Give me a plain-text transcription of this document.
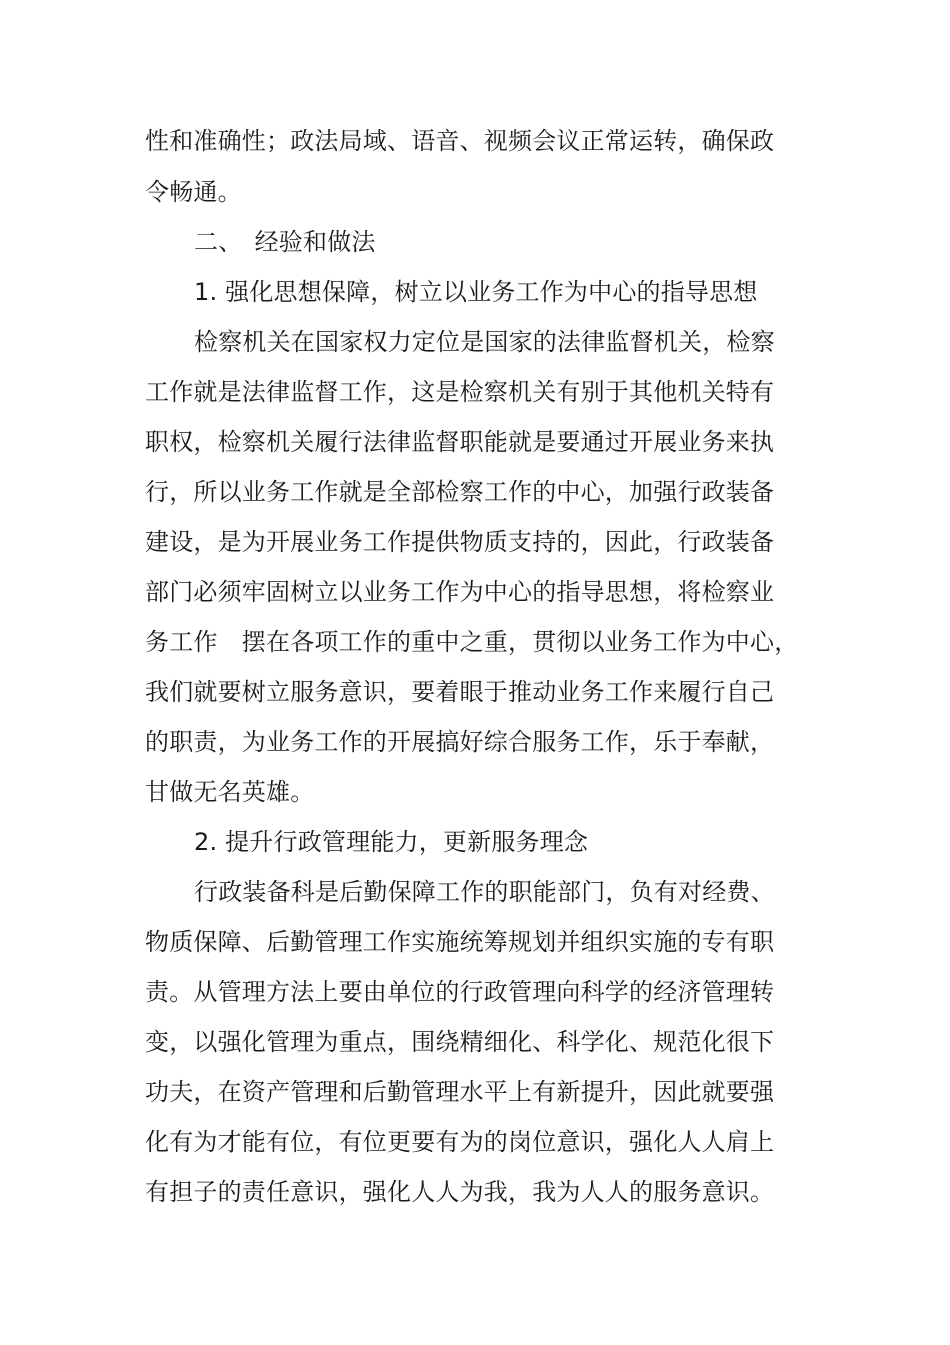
性和准确性；政法局域、语音、视频会议正常运转，确保政
令畅通。
二、　经验和做法
1. 强化思想保障，树立以业务工作为中心的指导思想
检察机关在国家权力定位是国家的法律监督机关，检察
工作就是法律监督工作，这是检察机关有别于其他机关特有
职权，检察机关履行法律监督职能就是要通过开展业务来执
行，所以业务工作就是全部检察工作的中心，加强行政装备
建设，是为开展业务工作提供物质支持的，因此，行政装备
部门必须牢固树立以业务工作为中心的指导思想，将检察业
务工作　摆在各项工作的重中之重，贯彻以业务工作为中心，
我们就要树立服务意识，要着眼于推动业务工作来履行自己
的职责，为业务工作的开展搞好综合服务工作，乐于奉献，
甘做无名英雄。
2. 提升行政管理能力，更新服务理念
行政装备科是后勤保障工作的职能部门，负有对经费、
物质保障、后勤管理工作实施统筹规划并组织实施的专有职
责。从管理方法上要由单位的行政管理向科学的经济管理转
变，以强化管理为重点，围绕精细化、科学化、规范化很下
功夫，在资产管理和后勤管理水平上有新提升，因此就要强
化有为才能有位，有位更要有为的岗位意识，强化人人肩上
有担子的责任意识，强化人人为我，我为人人的服务意识。
